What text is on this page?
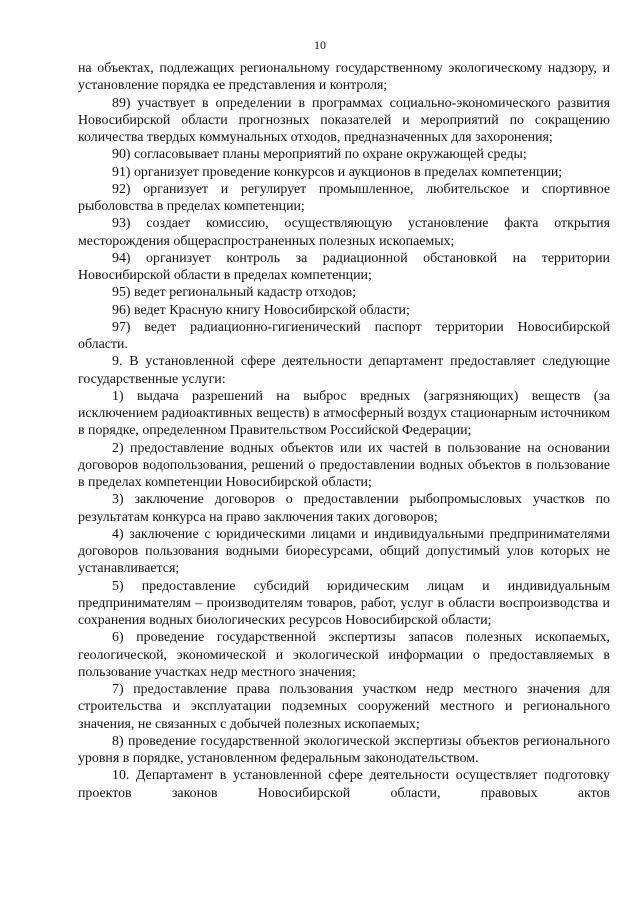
10

на объектах, подлежащих региональному государственному экологическому надзору, и установление порядка ее представления и контроля;

89) участвует в определении в программах социально-экономического развития Новосибирской области прогнозных показателей и мероприятий по сокращению количества твердых коммунальных отходов, предназначенных для захоронения;

90) согласовывает планы мероприятий по охране окружающей среды;

91) организует проведение конкурсов и аукционов в пределах компетенции;

92) организует и регулирует промышленное, любительское и спортивное рыболовства в пределах компетенции;

93) создает комиссию, осуществляющую установление факта открытия месторождения общераспространенных полезных ископаемых;

94) организует контроль за радиационной обстановкой на территории Новосибирской области в пределах компетенции;

95) ведет региональный кадастр отходов;

96) ведет Красную книгу Новосибирской области;

97) ведет радиационно-гигиенический паспорт территории Новосибирской области.

9. В установленной сфере деятельности департамент предоставляет следующие государственные услуги:

1) выдача разрешений на выброс вредных (загрязняющих) веществ (за исключением радиоактивных веществ) в атмосферный воздух стационарным источником в порядке, определенном Правительством Российской Федерации;

2) предоставление водных объектов или их частей в пользование на основании договоров водопользования, решений о предоставлении водных объектов в пользование в пределах компетенции Новосибирской области;

3) заключение договоров о предоставлении рыбопромысловых участков по результатам конкурса на право заключения таких договоров;

4) заключение с юридическими лицами и индивидуальными предпринимателями договоров пользования водными биоресурсами, общий допустимый улов которых не устанавливается;

5) предоставление субсидий юридическим лицам и индивидуальным предпринимателям – производителям товаров, работ, услуг в области воспроизводства и сохранения водных биологических ресурсов Новосибирской области;

6) проведение государственной экспертизы запасов полезных ископаемых, геологической, экономической и экологической информации о предоставляемых в пользование участках недр местного значения;

7) предоставление права пользования участком недр местного значения для строительства и эксплуатации подземных сооружений местного и регионального значения, не связанных с добычей полезных ископаемых;

8) проведение государственной экологической экспертизы объектов регионального уровня в порядке, установленном федеральным законодательством.

10. Департамент в установленной сфере деятельности осуществляет подготовку проектов законов Новосибирской области, правовых актов
